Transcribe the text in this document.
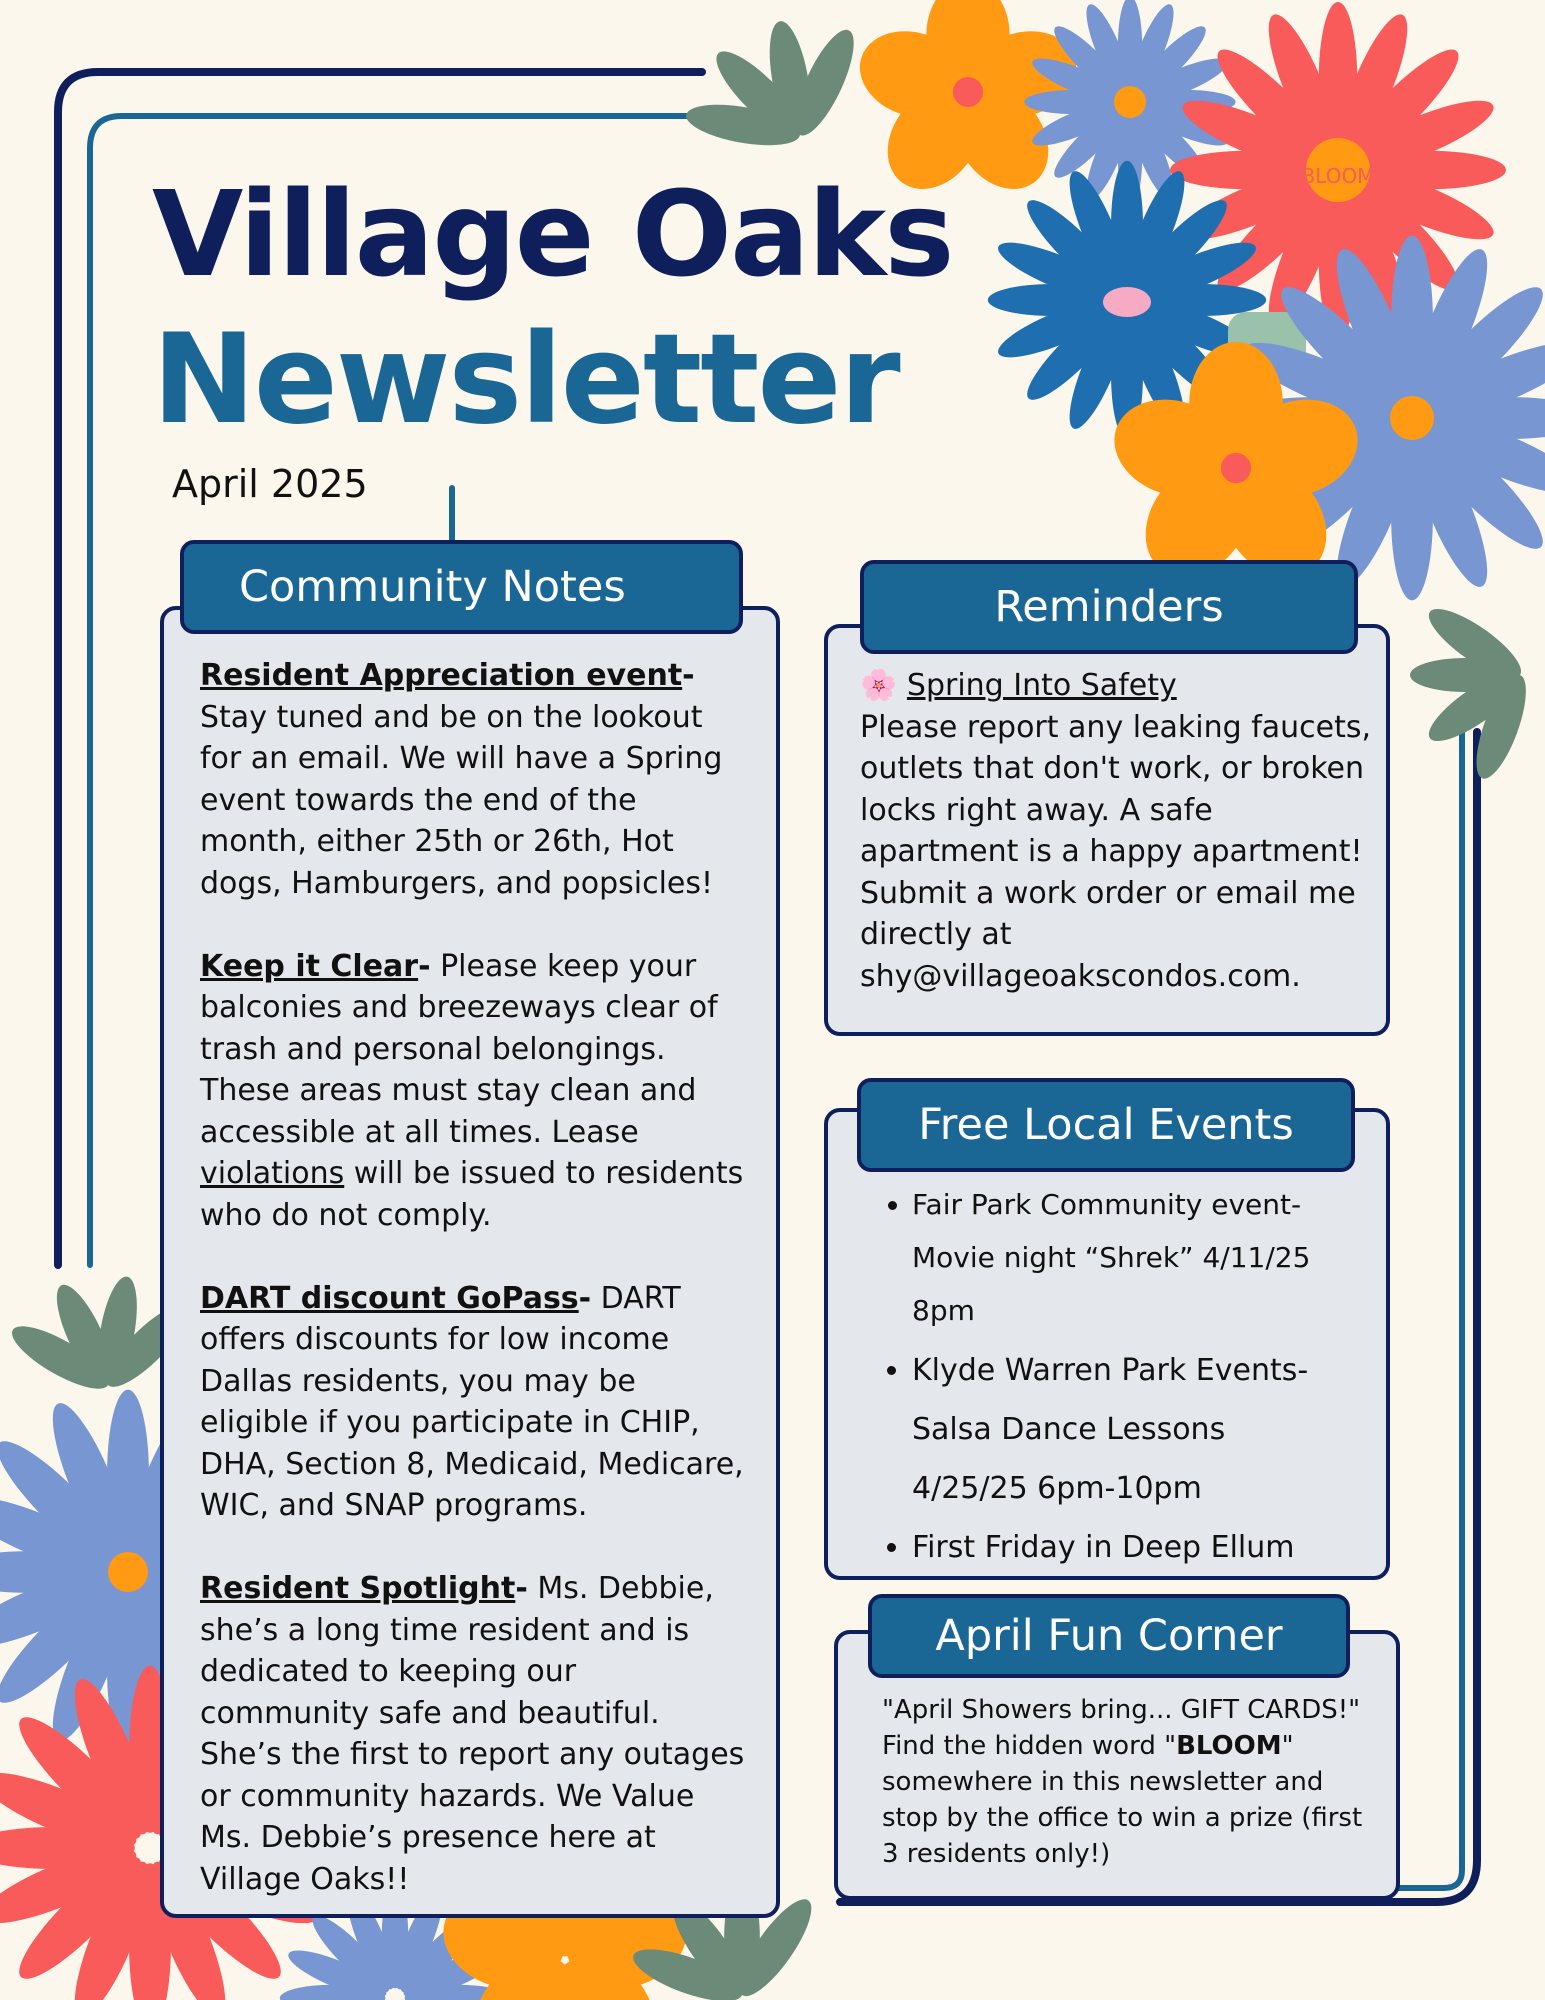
BLOOM
Village Oaks
Newsletter
April 2025
Community Notes

Resident Appreciation event- Stay tuned and be on the lookout for an email. We will have a Spring event towards the end of the month, either 25th or 26th, Hot dogs, Hamburgers, and popsicles!

Keep it Clear- Please keep your balconies and breezeways clear of trash and personal belongings. These areas must stay clean and accessible at all times. Lease violations will be issued to residents who do not comply.

DART discount GoPass- DART offers discounts for low income Dallas residents, you may be eligible if you participate in CHIP, DHA, Section 8, Medicaid, Medicare, WIC, and SNAP programs.

Resident Spotlight- Ms. Debbie, she’s a long time resident and is dedicated to keeping our community safe and beautiful. She’s the first to report any outages or community hazards. We Value Ms. Debbie’s presence here at Village Oaks!!

Reminders
🌸 Spring Into Safety
Please report any leaking faucets, outlets that don't work, or broken locks right away. A safe apartment is a happy apartment! Submit a work order or email me directly at shy@villageoakscondos.com.
Free Local Events
• Fair Park Community event- Movie night “Shrek” 4/11/25 8pm
• Klyde Warren Park Events- Salsa Dance Lessons 4/25/25 6pm-10pm
• First Friday in Deep Ellum
April Fun Corner
"April Showers bring... GIFT CARDS!"
Find the hidden word "BLOOM" somewhere in this newsletter and stop by the office to win a prize (first 3 residents only!)
